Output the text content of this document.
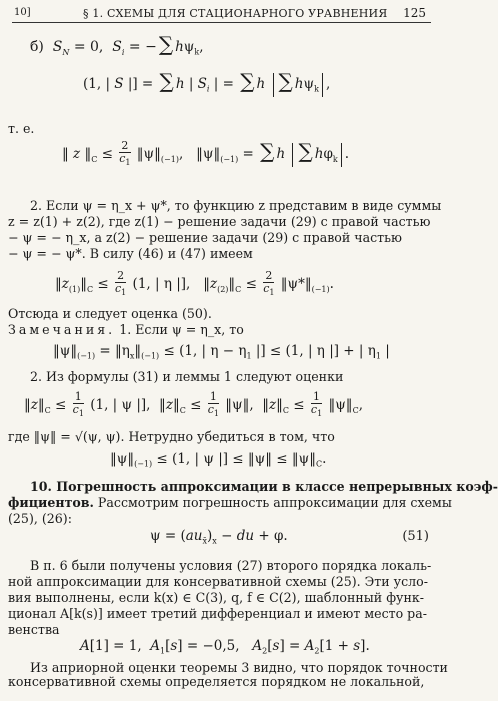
10]	§ 1. СХЕМЫ ДЛЯ СТАЦИОНАРНОГО УРАВНЕНИЯ 125
б)  $S_N = 0$,  $S_i$ = − ∑ $h\psi_k$,
(1, | S |] = ∑ h | $S_i$ | = ∑ h ∑ $h\psi_k$ ,
т. е.
‖ z $‖_C \le \frac{2}{c_1}$ $‖\psi‖_{(-1)}$,   $‖\psi‖_{(-1)}$ = ∑ h ∑ $h\varphi_k$ .
2. Если ψ = η_x + ψ*, то функцию z представим в виде суммы
z = z(1) + z(2), где z(1) − решение задачи (29) с правой частью
− ψ = − η_x, а z(2) − решение задачи (29) с правой частью
− ψ = − ψ*. В силу (46) и (47) имеем
$‖z_{(1)}‖_C \le \frac{2}{c_1} (1$, | η |],   $‖z_{(2)}‖_C \le \frac{2}{c_1}$ $‖\psi*‖_{(-1)}$.
Отсюда и следует оценка (50).
Замечания. 1. Если ψ = η_x, то
$‖\psi‖_{(-1)}$ = $‖\eta_x‖_{(-1)} \le (1$, | $\eta - \eta_1$ |] ≤ (1, | η |] + | $\eta_1$ |
2. Из формулы (31) и леммы 1 следуют оценки
$‖z‖_C \le \frac{1}{c_1} (1$, | ψ |],  $‖z‖_C \le \frac{1}{c_1}$ ‖ψ‖,  $‖z‖_C \le \frac{1}{c_1}$ $‖\psi‖_C$,
где ‖ψ‖ = √(ψ, ψ). Нетрудно убедиться в том, что
$‖\psi‖_{(-1)} \le (1$, | ψ |] ≤ ‖ψ‖ ≤ $‖\psi‖_C$.
10. Погрешность аппроксимации в классе непрерывных коэф-
фициентов. Рассмотрим погрешность аппроксимации для схемы
(25), (26):
$\psi = (au_{x̄})_x$ − du + φ.	(51)
В п. 6 были получены условия (27) второго порядка локаль-
ной аппроксимации для консервативной схемы (25). Эти усло-
вия выполнены, если k(x) ∈ C(3), q, f ∈ C(2), шаблонный функ-
ционал A[k(s)] имеет третий дифференциал и имеют место ра-
венства
A[1] = 1,  $A_1[s] = -0,5$,   $A_2[s] = A_2[1 + s]$.
Из априорной оценки теоремы 3 видно, что порядок точности
консервативной схемы определяется порядком не локальной,
